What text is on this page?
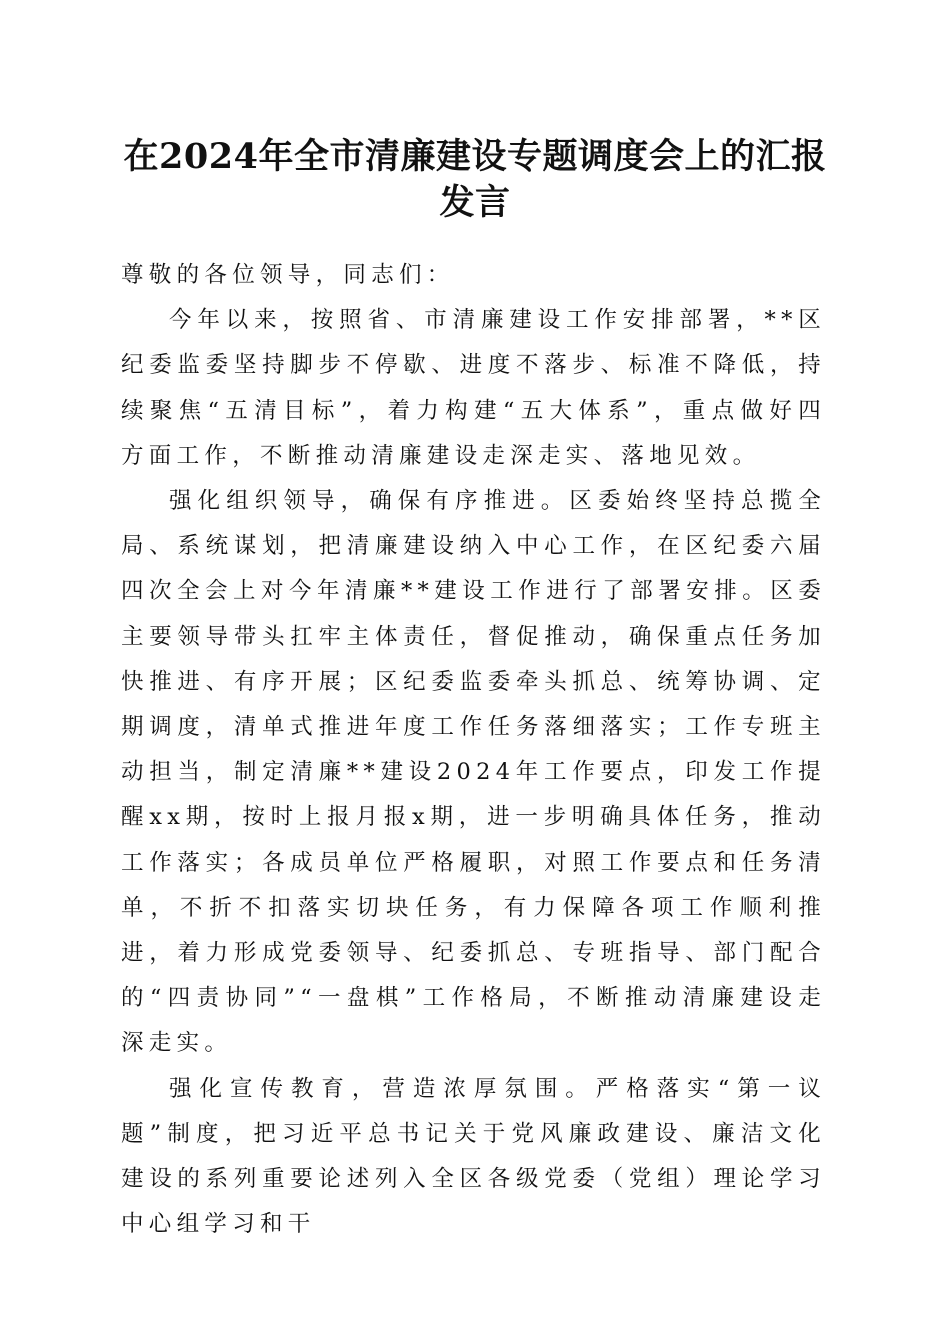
在2024年全市清廉建设专题调度会上的汇报
发言

尊敬的各位领导，同志们：

今年以来，按照省、市清廉建设工作安排部署，**区纪委监委坚持脚步不停歇、进度不落步、标准不降低，持续聚焦“五清目标”，着力构建“五大体系”，重点做好四方面工作，不断推动清廉建设走深走实、落地见效。

强化组织领导，确保有序推进。区委始终坚持总揽全局、系统谋划，把清廉建设纳入中心工作，在区纪委六届四次全会上对今年清廉**建设工作进行了部署安排。区委主要领导带头扛牢主体责任，督促推动，确保重点任务加快推进、有序开展；区纪委监委牵头抓总、统筹协调、定期调度，清单式推进年度工作任务落细落实；工作专班主动担当，制定清廉**建设2024年工作要点，印发工作提醒xx期，按时上报月报x期，进一步明确具体任务，推动工作落实；各成员单位严格履职，对照工作要点和任务清单，不折不扣落实切块任务，有力保障各项工作顺利推进，着力形成党委领导、纪委抓总、专班指导、部门配合的“四责协同”“一盘棋”工作格局，不断推动清廉建设走深走实。

强化宣传教育，营造浓厚氛围。严格落实“第一议题”制度，把习近平总书记关于党风廉政建设、廉洁文化建设的系列重要论述列入全区各级党委（党组）理论学习中心组学习和干
